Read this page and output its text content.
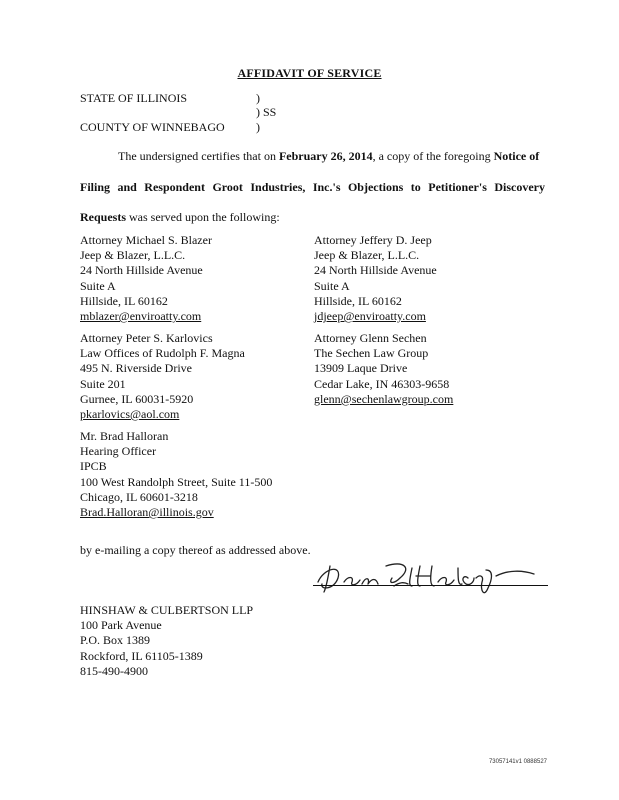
AFFIDAVIT OF SERVICE
STATE OF ILLINOIS	)
) SS
COUNTY OF WINNEBAGO	)
The undersigned certifies that on February 26, 2014, a copy of the foregoing Notice of
Filing and Respondent Groot Industries, Inc.'s Objections to Petitioner's Discovery
Requests was served upon the following:
Attorney Michael S. Blazer
Jeep & Blazer, L.L.C.
24 North Hillside Avenue
Suite A
Hillside, IL 60162
mblazer@enviroatty.com
Attorney Jeffery D. Jeep
Jeep & Blazer, L.L.C.
24 North Hillside Avenue
Suite A
Hillside, IL 60162
jdjeep@enviroatty.com
Attorney Peter S. Karlovics
Law Offices of Rudolph F. Magna
495 N. Riverside Drive
Suite 201
Gurnee, IL 60031-5920
pkarlovics@aol.com
Attorney Glenn Sechen
The Sechen Law Group
13909 Laque Drive
Cedar Lake, IN 46303-9658
glenn@sechenlawgroup.com
Mr. Brad Halloran
Hearing Officer
IPCB
100 West Randolph Street, Suite 11-500
Chicago, IL 60601-3218
Brad.Halloran@illinois.gov
by e-mailing a copy thereof as addressed above.
HINSHAW & CULBERTSON LLP
100 Park Avenue
P.O. Box 1389
Rockford, IL 61105-1389
815-490-4900
73057141v1 0888527
